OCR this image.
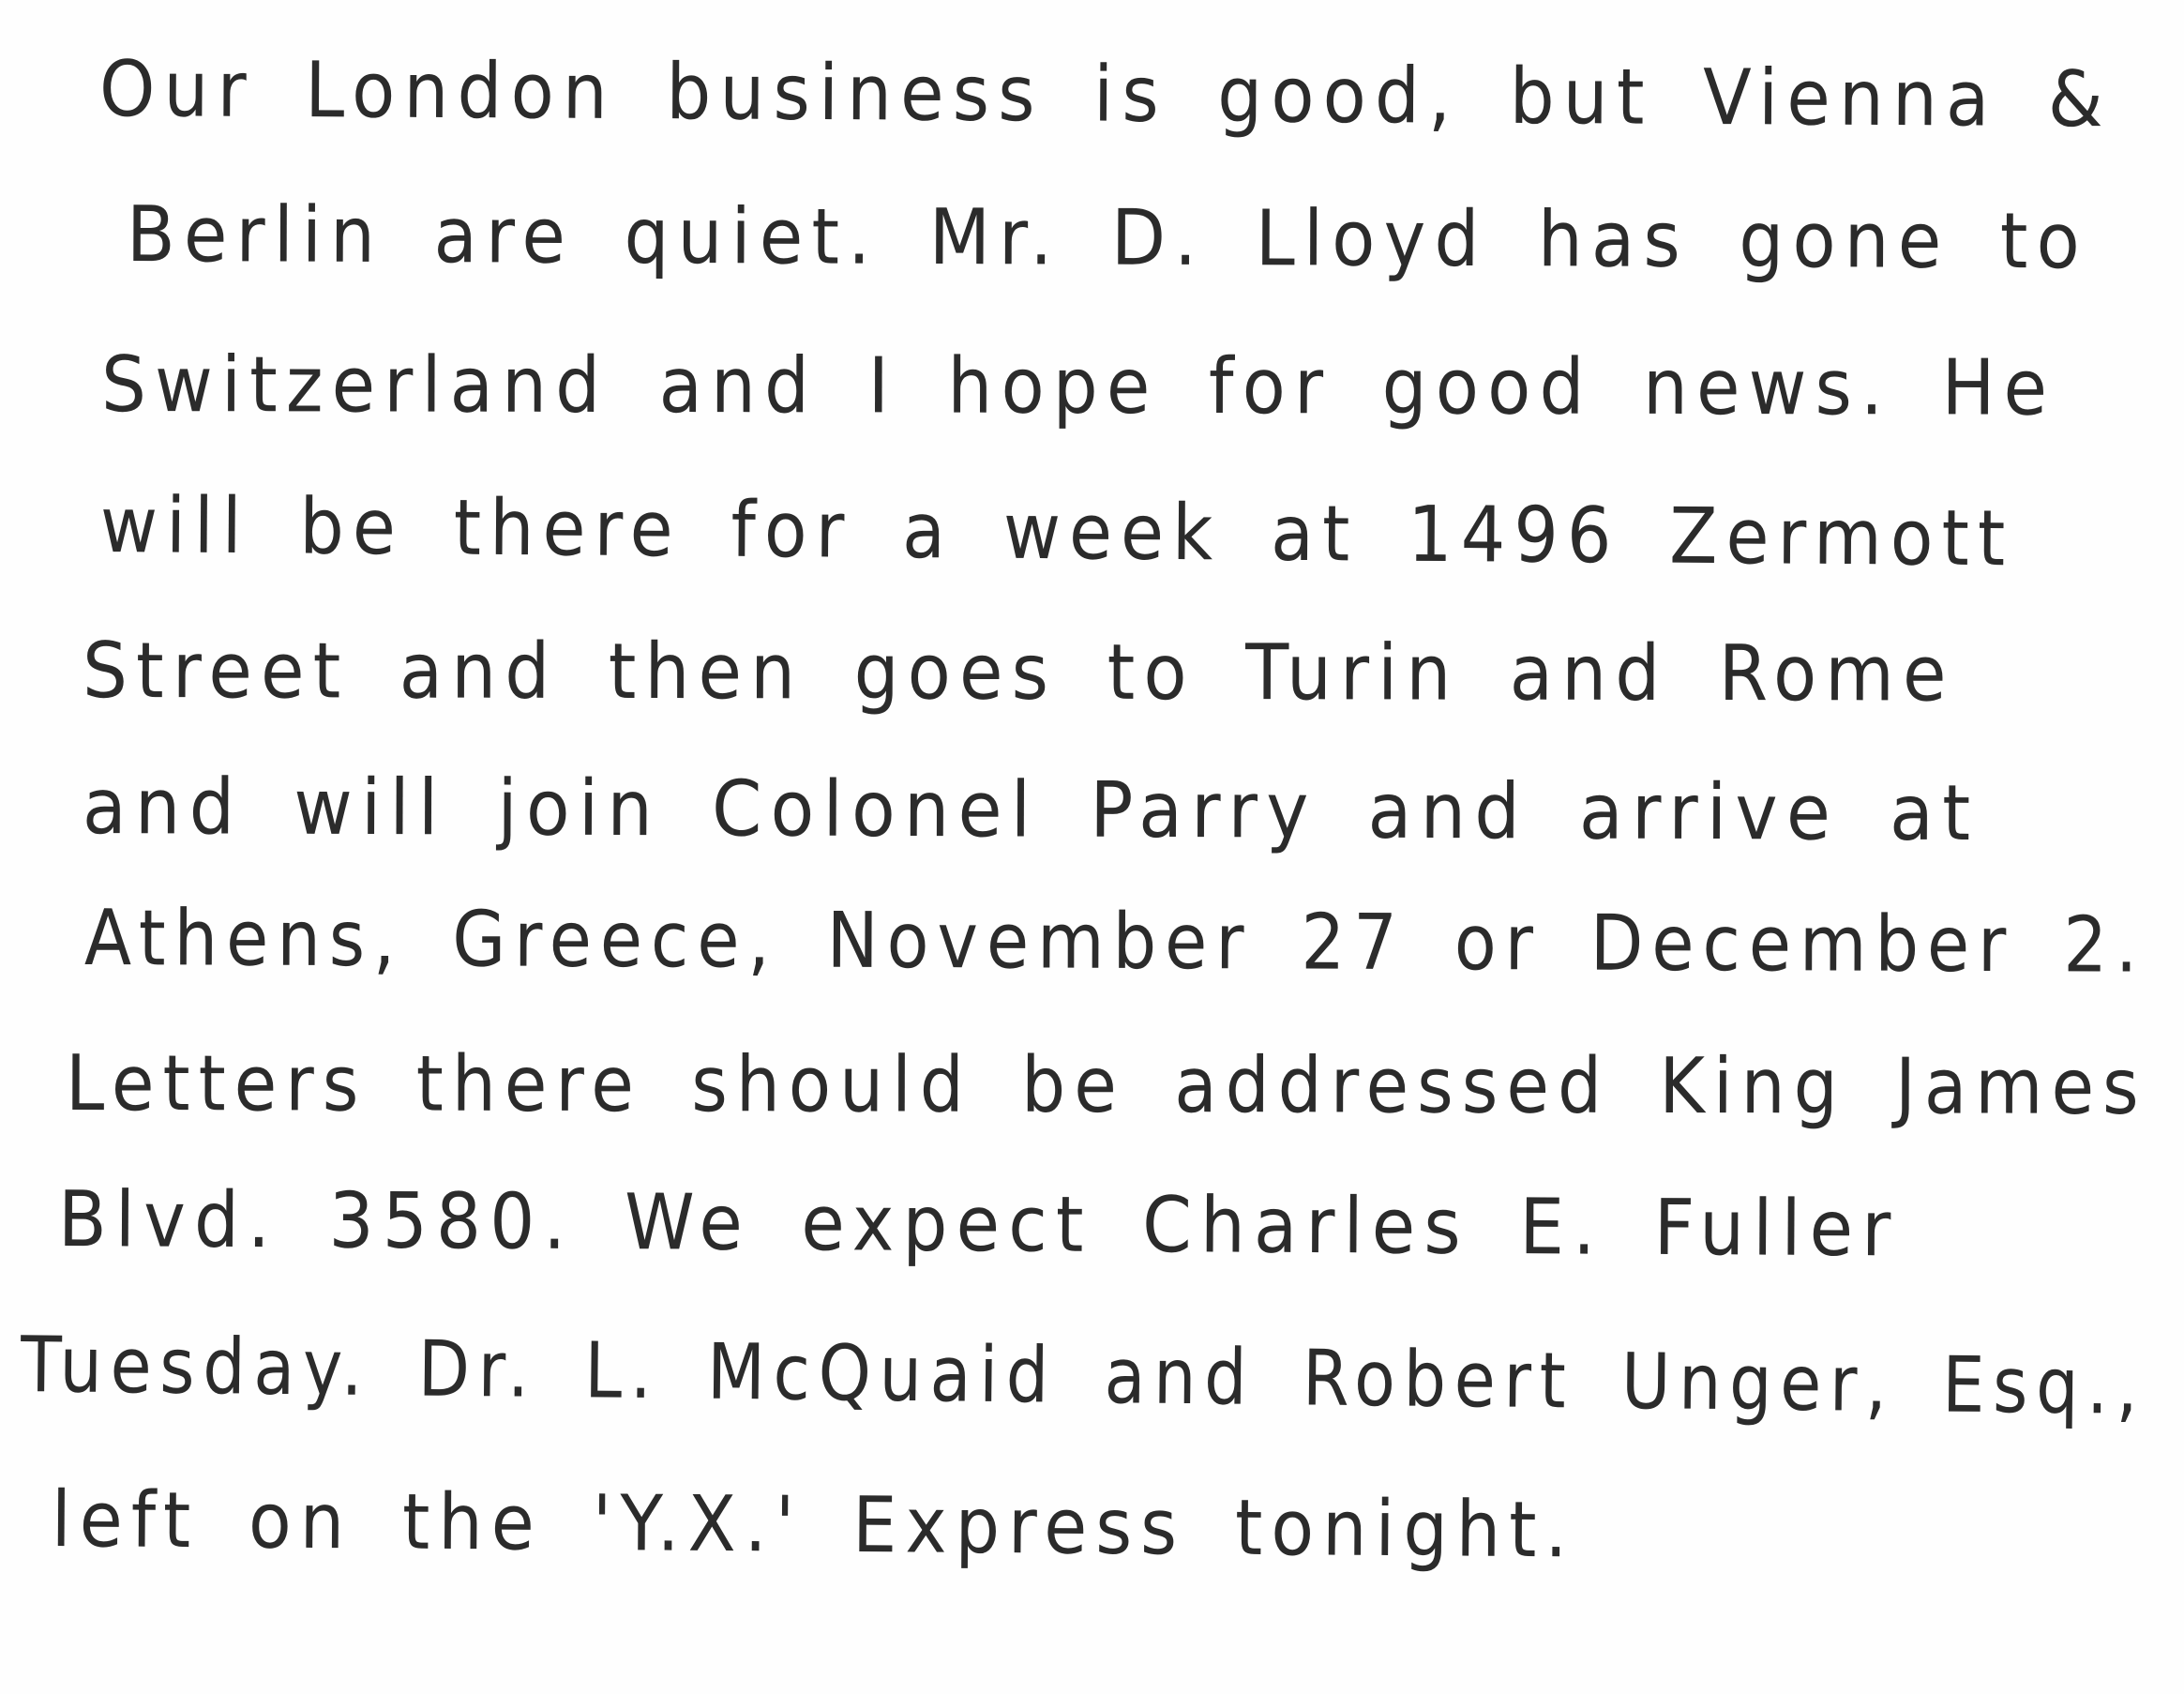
Our London business is good, but Vienna &
Berlin are quiet. Mr. D. Lloyd has gone to
Switzerland and I hope for good news. He
will be there for a week at 1496 Zermott
Street and then goes to Turin and Rome
and will join Colonel Parry and arrive at
Athens, Greece, November 27 or December 2.
Letters there should be addressed King James
Blvd. 3580. We expect Charles E. Fuller
Tuesday. Dr. L. McQuaid and Robert Unger, Esq.,
left on the 'Y.X.' Express tonight.
